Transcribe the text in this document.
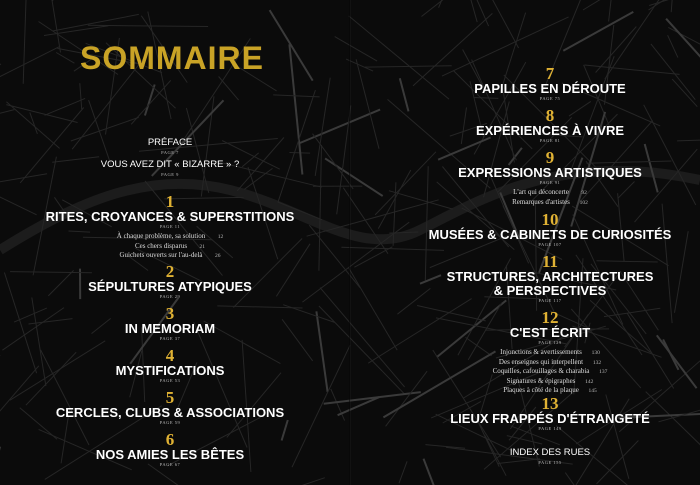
SOMMAIRE
PRÉFACE
PAGE 7
VOUS AVEZ DIT « BIZARRE » ?
PAGE 9
1
RITES, CROYANCES & SUPERSTITIONS
PAGE 11
À chaque problème, sa solution 12
Ces chers disparus 21
Guichets ouverts sur l'au-delà 26
2
SÉPULTURES ATYPIQUES
PAGE 29
3
IN MEMORIAM
PAGE 37
4
MYSTIFICATIONS
PAGE 53
5
CERCLES, CLUBS & ASSOCIATIONS
PAGE 59
6
NOS AMIES LES BÊTES
PAGE 67
7
PAPILLES EN DÉROUTE
PAGE 75
8
EXPÉRIENCES À VIVRE
PAGE 81
9
EXPRESSIONS ARTISTIQUES
PAGE 91
L'art qui déconcerte 92
Remarques d'artistes 102
10
MUSÉES & CABINETS DE CURIOSITÉS
PAGE 107
11
STRUCTURES, ARCHITECTURES
& PERSPECTIVES
PAGE 117
12
C'EST ÉCRIT
PAGE 129
Injonctions & avertissements 130
Des enseignes qui interpellent 132
Coquilles, cafouillages & charabia 137
Signatures & épigraphes 142
Plaques à côté de la plaque 145
13
LIEUX FRAPPÉS D'ÉTRANGETÉ
PAGE 149
INDEX DES RUES
PAGE 155
